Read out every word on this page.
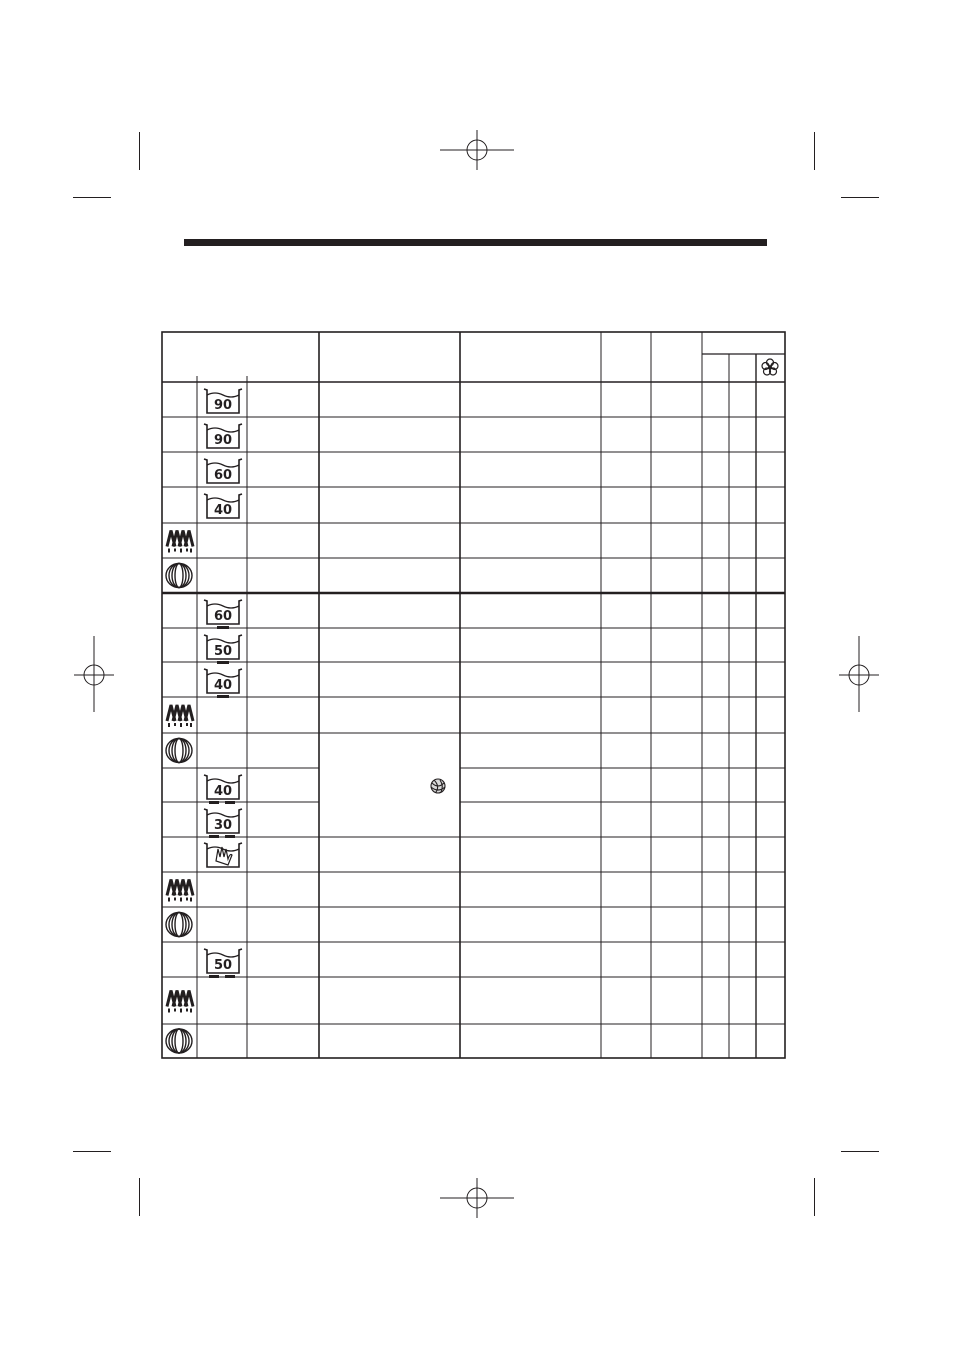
90
90
60
40
60
50
40
40
30
50
